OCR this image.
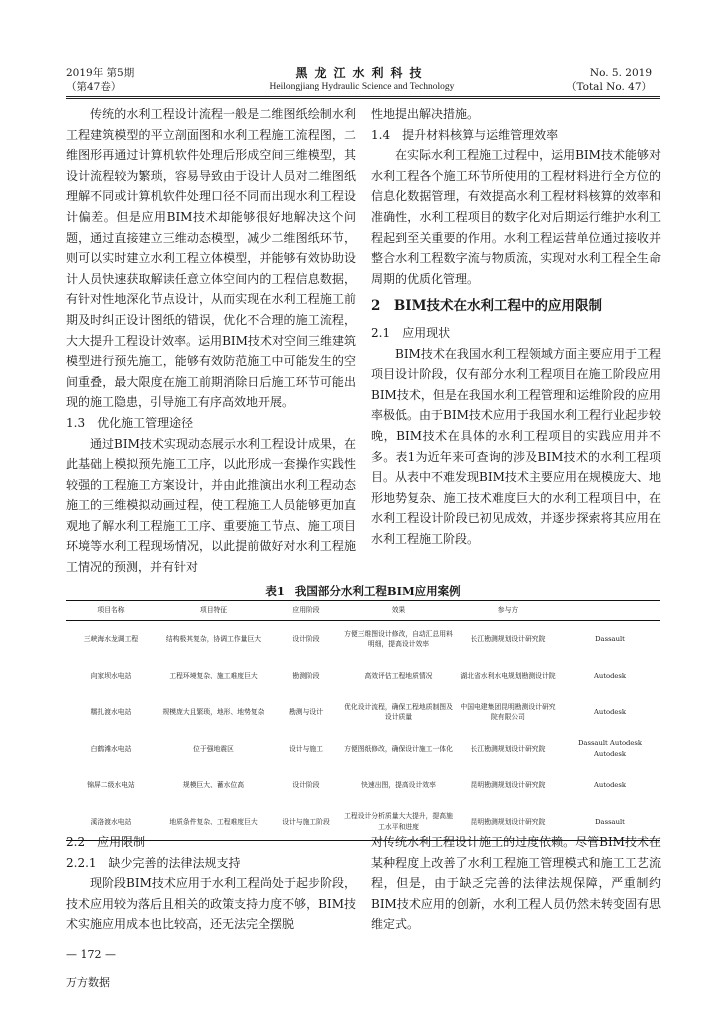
2019年 第5期
（第47卷）
黑龙江水利科技
Heilongjiang Hydraulic Science and Technology
No. 5. 2019
（Total No. 47）

传统的水利工程设计流程一般是二维图纸绘制水利工程建筑模型的平立剖面图和水利工程施工流程图，二维图形再通过计算机软件处理后形成空间三维模型，其设计流程较为繁琐，容易导致由于设计人员对二维图纸理解不同或计算机软件处理口径不同而出现水利工程设计偏差。但是应用BIM技术却能够很好地解决这个问题，通过直接建立三维动态模型，减少二维图纸环节，则可以实时建立水利工程立体模型，并能够有效协助设计人员快速获取解读任意立体空间内的工程信息数据，有针对性地深化节点设计，从而实现在水利工程施工前期及时纠正设计图纸的错误，优化不合理的施工流程，大大提升工程设计效率。运用BIM技术对空间三维建筑模型进行预先施工，能够有效防范施工中可能发生的空间重叠，最大限度在施工前期消除日后施工环节可能出现的施工隐患，引导施工有序高效地开展。

1.3　优化施工管理途径

通过BIM技术实现动态展示水利工程设计成果，在此基础上模拟预先施工工序，以此形成一套操作实践性较强的工程施工方案设计，并由此推演出水利工程动态施工的三维模拟动画过程，使工程施工人员能够更加直观地了解水利工程施工工序、重要施工节点、施工项目环境等水利工程现场情况，以此提前做好对水利工程施工情况的预测，并有针对

性地提出解决措施。

1.4　提升材料核算与运维管理效率

在实际水利工程施工过程中，运用BIM技术能够对水利工程各个施工环节所使用的工程材料进行全方位的信息化数据管理，有效提高水利工程材料核算的效率和准确性，水利工程项目的数字化对后期运行维护水利工程起到至关重要的作用。水利工程运营单位通过接收并整合水利工程数字流与物质流，实现对水利工程全生命周期的优质化管理。

2　BIM技术在水利工程中的应用限制

2.1　应用现状

BIM技术在我国水利工程领域方面主要应用于工程项目设计阶段，仅有部分水利工程项目在施工阶段应用BIM技术，但是在我国水利工程管理和运维阶段的应用率极低。由于BIM技术应用于我国水利工程行业起步较晚，BIM技术在具体的水利工程项目的实践应用并不多。表1为近年来可查询的涉及BIM技术的水利工程项目。从表中不难发现BIM技术主要应用在规模庞大、地形地势复杂、施工技术难度巨大的水利工程项目中，在水利工程设计阶段已初见成效，并逐步探索将其应用在水利工程施工阶段。

表1 我国部分水利工程BIM应用案例
项目名称	项目特征	应用阶段	效果	参与方	
三峡海水龙调工程	结构极其复杂，协调工作量巨大	设计阶段	方便三维图设计修改，自动汇总用料明细，提高设计效率	长江勘测规划设计研究院	Dassault
向家坝水电站	工程环境复杂、施工难度巨大	勘测阶段	高效评估工程地质情况	湖北省水利水电规划勘测设计院	Autodesk
糯扎渡水电站	规模庞大且繁琐，地形、地势复杂	勘测与设计	优化设计流程，确保工程地质制图及设计质量	中国电建集团昆明勘测设计研究院有限公司	Autodesk
白鹤滩水电站	位于强地震区	设计与施工	方便图纸修改，确保设计施工一体化	长江勘测规划设计研究院	Dassault Autodesk Autodesk
锦屏二级水电站	规模巨大、蓄水位高	设计阶段	快速出图，提高设计效率	昆明勘测规划设计研究院	Autodesk
溪洛渡水电站	地质条件复杂、工程难度巨大	设计与施工阶段	工程设计分析质量大大提升，提高施工水平和进度	昆明勘测规划设计研究院	Dassault

2.2　应用限制

2.2.1　缺少完善的法律法规支持

现阶段BIM技术应用于水利工程尚处于起步阶段，技术应用较为落后且相关的政策支持力度不够，BIM技术实施应用成本也比较高，还无法完全摆脱

对传统水利工程设计施工的过度依赖。尽管BIM技术在某种程度上改善了水利工程施工管理模式和施工工艺流程，但是，由于缺乏完善的法律法规保障，严重制约BIM技术应用的创新，水利工程人员仍然未转变固有思维定式。

— 172 —
万方数据
